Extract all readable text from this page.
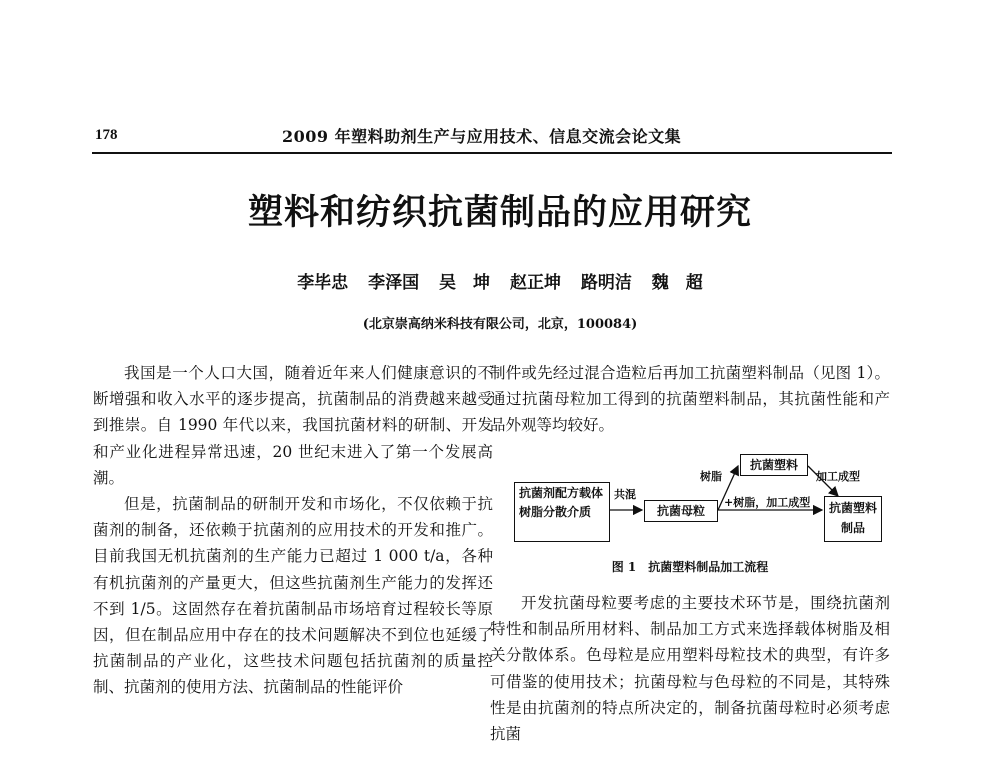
178	2009 年塑料助剂生产与应用技术、信息交流会论文集
塑料和纺织抗菌制品的应用研究
李毕忠 李泽国 吴　坤 赵正坤 路明洁 魏　超
(北京崇高纳米科技有限公司，北京，100084)

我国是一个人口大国，随着近年来人们健康意识的不断增强和收入水平的逐步提高，抗菌制品的消费越来越受到推崇。自 1990 年代以来，我国抗菌材料的研制、开发和产业化进程异常迅速，20 世纪末进入了第一个发展高潮。

但是，抗菌制品的研制开发和市场化，不仅依赖于抗菌剂的制备，还依赖于抗菌剂的应用技术的开发和推广。目前我国无机抗菌剂的生产能力已超过 1 000 t/a，各种有机抗菌剂的产量更大，但这些抗菌剂生产能力的发挥还不到 1/5。这固然存在着抗菌制品市场培育过程较长等原因，但在制品应用中存在的技术问题解决不到位也延缓了抗菌制品的产业化，这些技术问题包括抗菌剂的质量控制、抗菌剂的使用方法、抗菌制品的性能评价

制件或先经过混合造粒后再加工抗菌塑料制品（见图 1）。通过抗菌母粒加工得到的抗菌塑料制品，其抗菌性能和产品外观等均较好。

抗菌剂配方载体树脂分散介质	抗菌母粒
抗菌塑料
抗菌塑料制品
共混
树脂	加工成型
+树脂，加工成型
图 1　抗菌塑料制品加工流程

开发抗菌母粒要考虑的主要技术环节是，围绕抗菌剂特性和制品所用材料、制品加工方式来选择载体树脂及相关分散体系。色母粒是应用塑料母粒技术的典型，有许多可借鉴的使用技术；抗菌母粒与色母粒的不同是，其特殊性是由抗菌剂的特点所决定的，制备抗菌母粒时必须考虑抗菌
